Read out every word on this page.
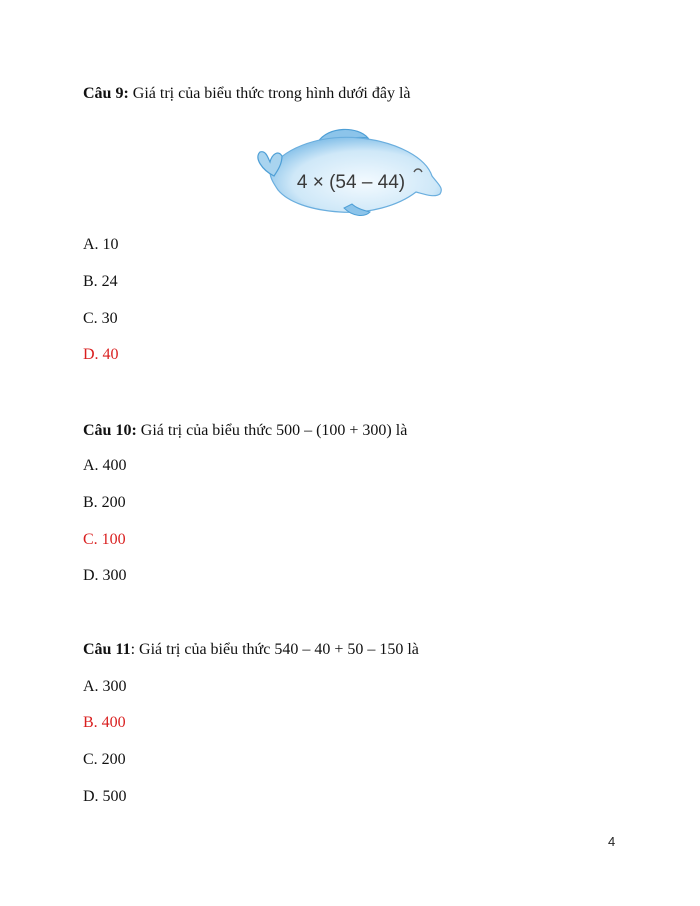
Câu 9: Giá trị của biểu thức trong hình dưới đây là
4 × (54 – 44)
A. 10
B. 24
C. 30
D. 40
Câu 10: Giá trị của biểu thức 500 – (100 + 300) là
A. 400
B. 200
C. 100
D. 300
Câu 11: Giá trị của biểu thức 540 – 40 + 50 – 150 là
A. 300
B. 400
C. 200
D. 500
4
